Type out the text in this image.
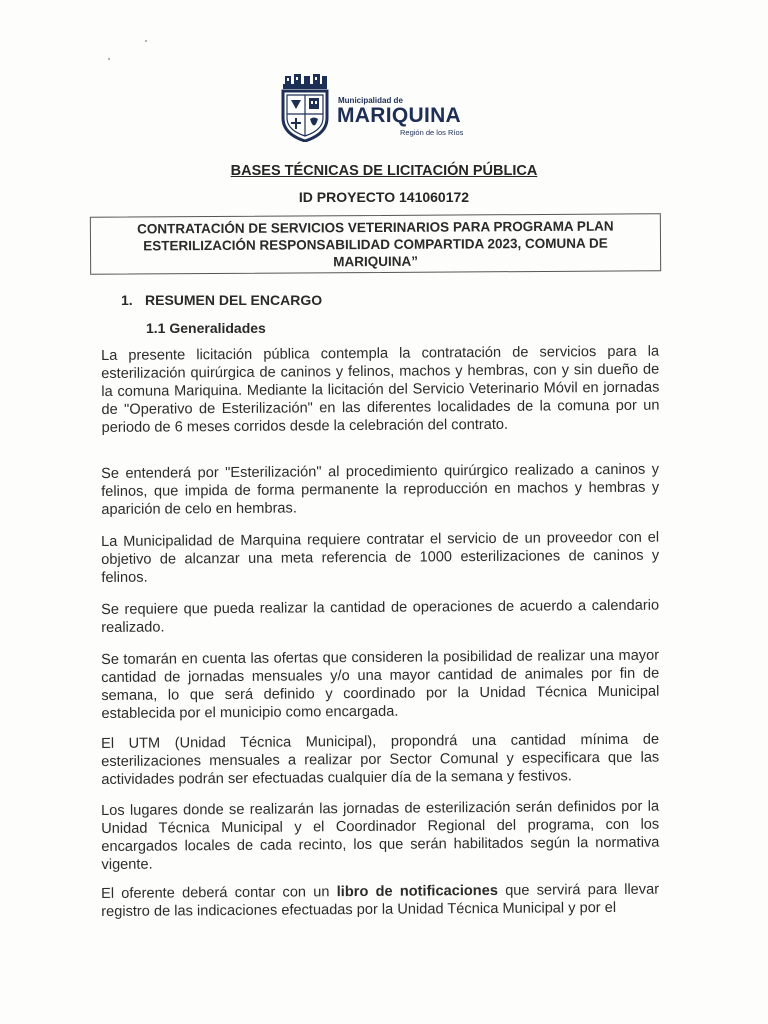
Municipalidad de
MARIQUINA
Región de los Ríos
BASES TÉCNICAS DE LICITACIÓN PÚBLICA
ID PROYECTO 141060172
CONTRATACIÓN DE SERVICIOS VETERINARIOS PARA PROGRAMA PLAN ESTERILIZACIÓN RESPONSABILIDAD COMPARTIDA 2023, COMUNA DE MARIQUINA”
1. RESUMEN DEL ENCARGO
1.1 Generalidades
La presente licitación pública contempla la contratación de servicios para la esterilización quirúrgica de caninos y felinos, machos y hembras, con y sin dueño de la comuna Mariquina. Mediante la licitación del Servicio Veterinario Móvil en jornadas de "Operativo de Esterilización" en las diferentes localidades de la comuna por un periodo de 6 meses corridos desde la celebración del contrato.
Se entenderá por "Esterilización" al procedimiento quirúrgico realizado a caninos y felinos, que impida de forma permanente la reproducción en machos y hembras y aparición de celo en hembras.
La Municipalidad de Marquina requiere contratar el servicio de un proveedor con el objetivo de alcanzar una meta referencia de 1000 esterilizaciones de caninos y felinos.
Se requiere que pueda realizar la cantidad de operaciones de acuerdo a calendario realizado.
Se tomarán en cuenta las ofertas que consideren la posibilidad de realizar una mayor cantidad de jornadas mensuales y/o una mayor cantidad de animales por fin de semana, lo que será definido y coordinado por la Unidad Técnica Municipal establecida por el municipio como encargada.
El UTM (Unidad Técnica Municipal), propondrá una cantidad mínima de esterilizaciones mensuales a realizar por Sector Comunal y especificara que las actividades podrán ser efectuadas cualquier día de la semana y festivos.
Los lugares donde se realizarán las jornadas de esterilización serán definidos por la Unidad Técnica Municipal y el Coordinador Regional del programa, con los encargados locales de cada recinto, los que serán habilitados según la normativa vigente.
El oferente deberá contar con un libro de notificaciones que servirá para llevar registro de las indicaciones efectuadas por la Unidad Técnica Municipal y por el
